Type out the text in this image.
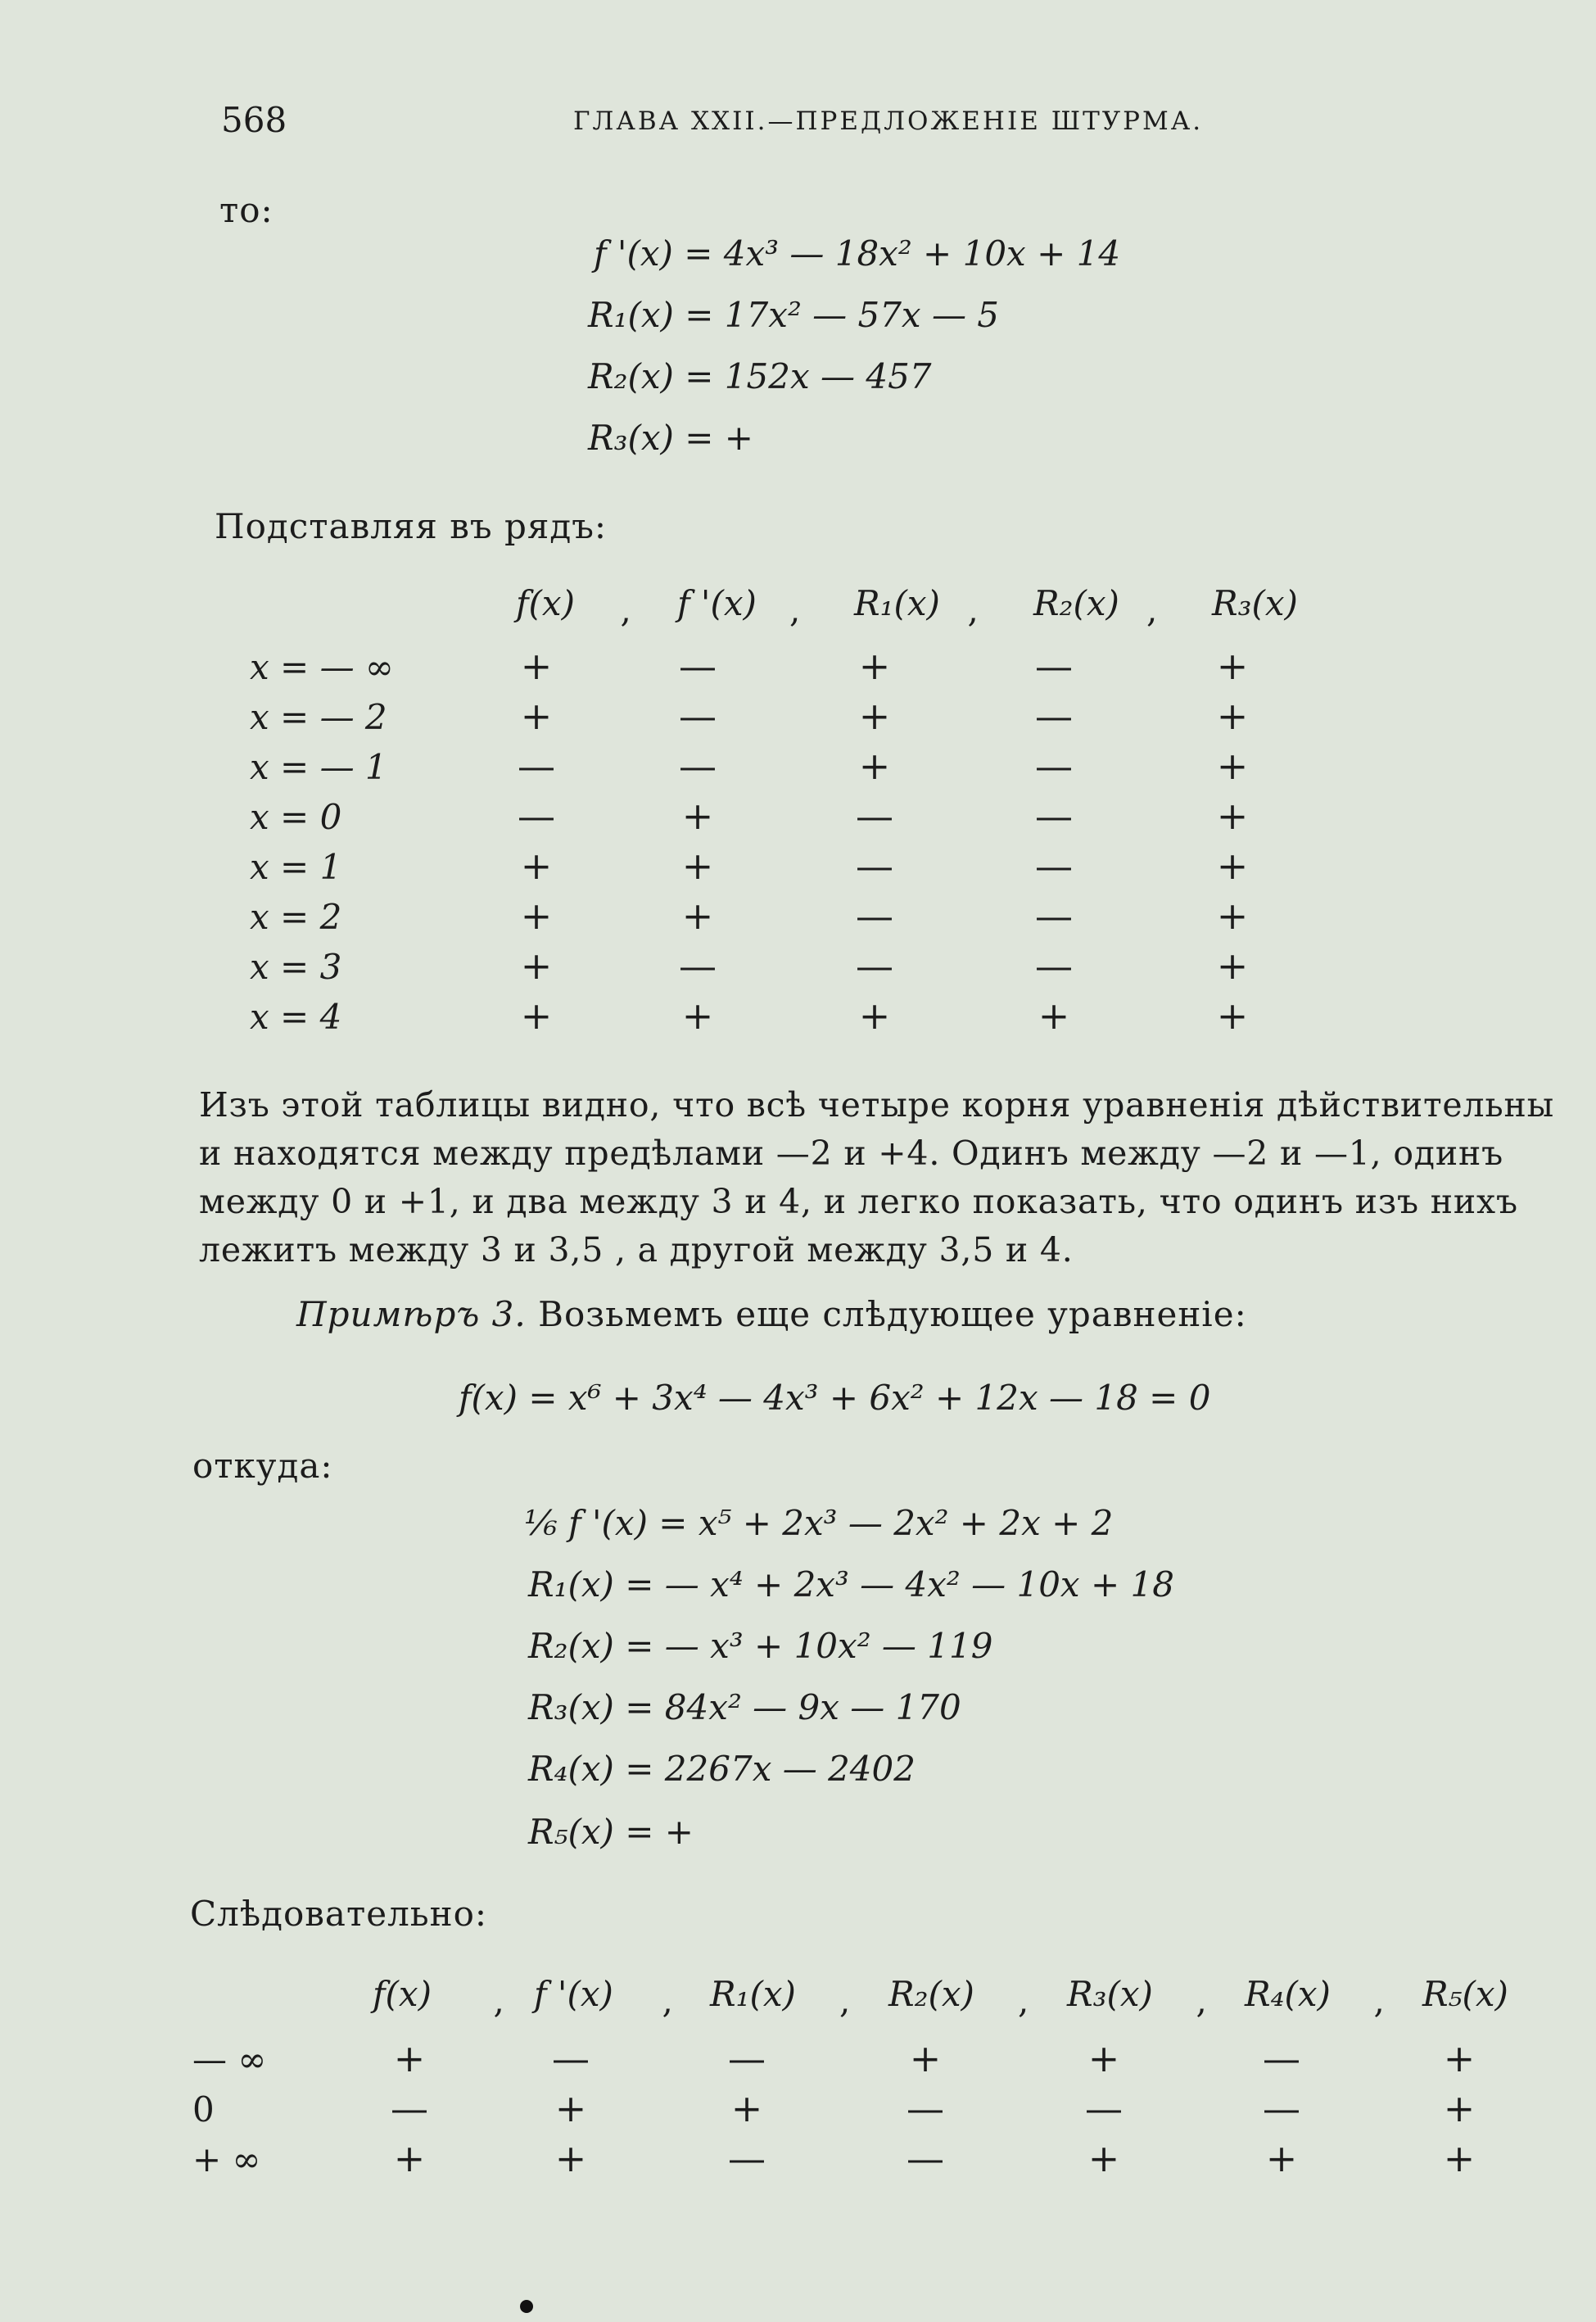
568	ГЛАВА XXII.—ПРЕДЛОЖЕНIЕ ШТУРМА.
то:
f '(x) = 4x³ — 18x² + 10x + 14
R₁(x) = 17x² — 57x — 5
R₂(x) = 152x — 457
R₃(x) = +
Подставляя въ рядъ:
f(x) , f '(x) , R₁(x) , R₂(x) , R₃(x)
x = — ∞	+	—	+	—	+
x = — 2	+	—	+	—	+
x = — 1	—	—	+	—	+
x = 0	—	+	—	—	+
x = 1	+	+	—	—	+
x = 2	+	+	—	—	+
x = 3	+	—	—	—	+
x = 4	+	+	+	+	+
Изъ этой таблицы видно, что всѣ четыре корня уравненiя дѣйствительны
и находятся между предѣлами —2 и +4. Одинъ между —2 и —1, одинъ
между 0 и +1, и два между 3 и 4, и легко показать, что одинъ изъ нихъ
лежитъ между 3 и 3,5 , а другой между 3,5 и 4.
Примѣръ 3. Возьмемъ еще слѣдующее уравненiе:
f(x) = x⁶ + 3x⁴ — 4x³ + 6x² + 12x — 18 = 0
откуда:
⅙ f '(x) = x⁵ + 2x³ — 2x² + 2x + 2
R₁(x) = — x⁴ + 2x³ — 4x² — 10x + 18
R₂(x) = — x³ + 10x² — 119
R₃(x) = 84x² — 9x — 170
R₄(x) = 2267x — 2402
R₅(x) = +
Слѣдовательно:
f(x) , f '(x) , R₁(x) , R₂(x) , R₃(x) , R₄(x) , R₅(x)
— ∞	+	—	—	+	+	—	+
0	—	+	+	—	—	—	+
+ ∞	+	+	—	—	+	+	+
